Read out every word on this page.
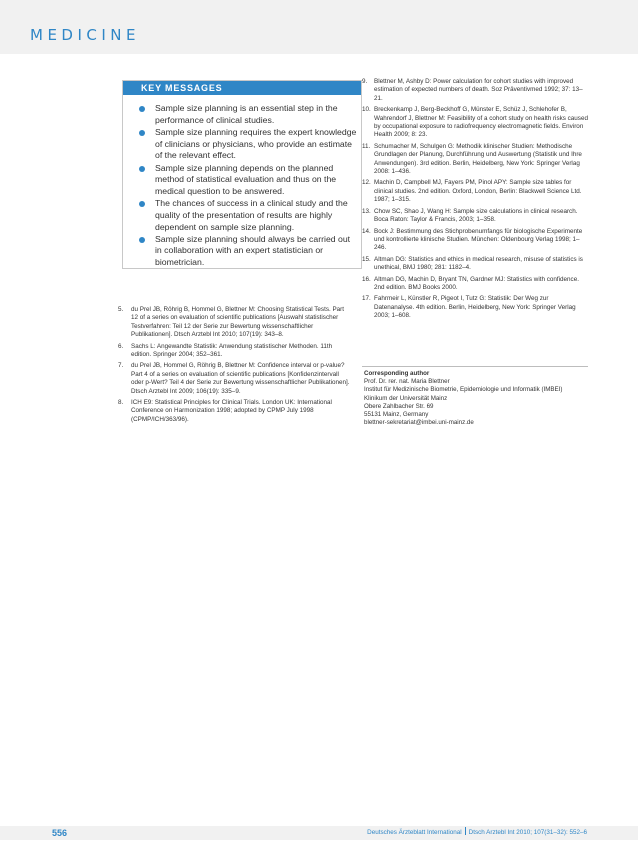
MEDICINE
KEY MESSAGES
Sample size planning is an essential step in the performance of clinical studies.
Sample size planning requires the expert knowledge of clinicians or physicians, who provide an estimate of the relevant effect.
Sample size planning depends on the planned method of statistical evaluation and thus on the medical question to be answered.
The chances of success in a clinical study and the quality of the presentation of results are highly dependent on sample size planning.
Sample size planning should always be carried out in collaboration with an expert statistician or biometrician.
5. du Prel JB, Röhrig B, Hommel G, Blettner M: Choosing Statistical Tests. Part 12 of a series on evaluation of scientific publications [Auswahl statistischer Testverfahren: Teil 12 der Serie zur Bewertung wissenschaftlicher Publikationen]. Dtsch Arztebl Int 2010; 107(19): 343–8.
6. Sachs L: Angewandte Statistik: Anwendung statistischer Methoden. 11th edition. Springer 2004; 352–361.
7. du Prel JB, Hommel G, Röhrig B, Blettner M: Confidence interval or p-value? Part 4 of a series on evaluation of scientific publications [Konfidenzintervall oder p-Wert? Teil 4 der Serie zur Bewertung wissenschaftlicher Publikationen]. Dtsch Arztebl Int 2009; 106(19): 335–9.
8. ICH E9: Statistical Principles for Clinical Trials. London UK: International Conference on Harmonization 1998; adopted by CPMP July 1998 (CPMP/ICH/363/96).
9. Blettner M, Ashby D: Power calculation for cohort studies with improved estimation of expected numbers of death. Soz Präventivmed 1992; 37: 13–21.
10. Breckenkamp J, Berg-Beckhoff G, Münster E, Schüz J, Schlehofer B, Wahrendorf J, Blettner M: Feasibility of a cohort study on health risks caused by occupational exposure to radiofrequency electromagnetic fields. Environ Health 2009; 8: 23.
11. Schumacher M, Schulgen G: Methodik klinischer Studien: Methodische Grundlagen der Planung, Durchführung und Auswertung (Statistik und Ihre Anwendungen). 3rd edition. Berlin, Heidelberg, New York: Springer Verlag 2008: 1–436.
12. Machin D, Campbell MJ, Fayers PM, Pinol APY: Sample size tables for clinical studies. 2nd edition. Oxford, London, Berlin: Blackwell Science Ltd. 1987; 1–315.
13. Chow SC, Shao J, Wang H: Sample size calculations in clinical research. Boca Raton: Taylor & Francis, 2003; 1–358.
14. Bock J: Bestimmung des Stichprobenumfangs für biologische Experimente und kontrollierte klinische Studien. München: Oldenbourg Verlag 1998; 1–246.
15. Altman DG: Statistics and ethics in medical research, misuse of statistics is unethical, BMJ 1980; 281: 1182–4.
16. Altman DG, Machin D, Bryant TN, Gardner MJ: Statistics with confidence. 2nd edition. BMJ Books 2000.
17. Fahrmeir L, Künstler R, Pigeot I, Tutz G: Statistik: Der Weg zur Datenanalyse. 4th edition. Berlin, Heidelberg, New York: Springer Verlag 2003; 1–608.
Corresponding author
Prof. Dr. rer. nat. Maria Blettner
Institut für Medizinische Biometrie, Epidemiologie und Informatik (IMBEI)
Klinikum der Universität Mainz
Obere Zahlbacher Str. 69
55131 Mainz, Germany
blettner-sekretariat@imbei.uni-mainz.de
556	Deutsches Ärzteblatt International Dtsch Arztebl Int 2010; 107(31–32): 552–6
